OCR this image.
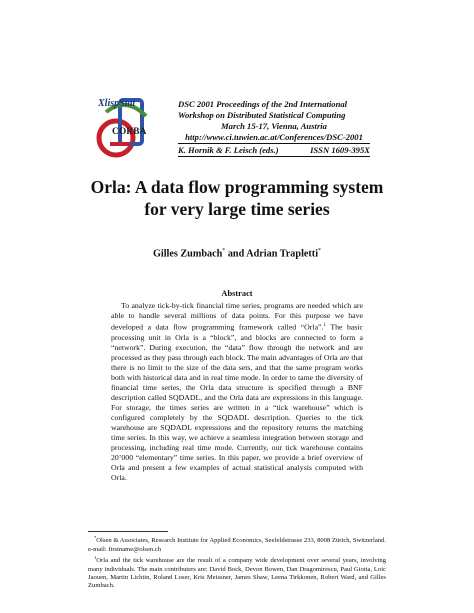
XlispStat
CORBA
DSC 2001 Proceedings of the 2nd International
Workshop on Distributed Statistical Computing
March 15-17, Vienna, Austria
http://www.ci.tuwien.ac.at/Conferences/DSC-2001
K. Hornik & F. Leisch (eds.)	ISSN 1609-395X
Orla: A data flow programming system
for very large time series
Gilles Zumbach* and Adrian Trapletti*
Abstract

To analyze tick-by-tick financial time series, programs are needed which are able to handle several millions of data points. For this purpose we have developed a data flow programming framework called “Orla”.$^1$ The basic processing unit in Orla is a “block”, and blocks are connected to form a “network”. During execution, the “data” flow through the network and are processed as they pass through each block. The main advantages of Orla are that there is no limit to the size of the data sets, and that the same program works both with historical data and in real time mode. In order to tame the diversity of financial time series, the Orla data structure is specified through a BNF description called SQDADL, and the Orla data are expressions in this language. For storage, the times series are written in a “tick warehouse” which is configured completely by the SQDADL description. Queries to the tick warehouse are SQDADL expressions and the repository returns the matching time series. In this way, we achieve a seamless integration between storage and processing, including real time mode. Currently, our tick warehouse contains 20’000 “elementary” time series. In this paper, we provide a brief overview of Orla and present a few examples of actual statistical analysis computed with Orla.

*Olsen & Associates, Research Institute for Applied Economics, Seefeldstrasse 233, 8008 Zürich, Switzerland. e-mail: firstname@olsen.ch

$^1$Orla and the tick warehouse are the result of a company wide development over several years, involving many individuals. The main contributers are: David Bock, Devon Bowen, Dan Dragomirescu, Paul Giotta, Loic Jaouen, Martin Lichtin, Roland Loser, Kris Meissner, James Shaw, Leena Tirkkonen, Robert Ward, and Gilles Zumbach.
